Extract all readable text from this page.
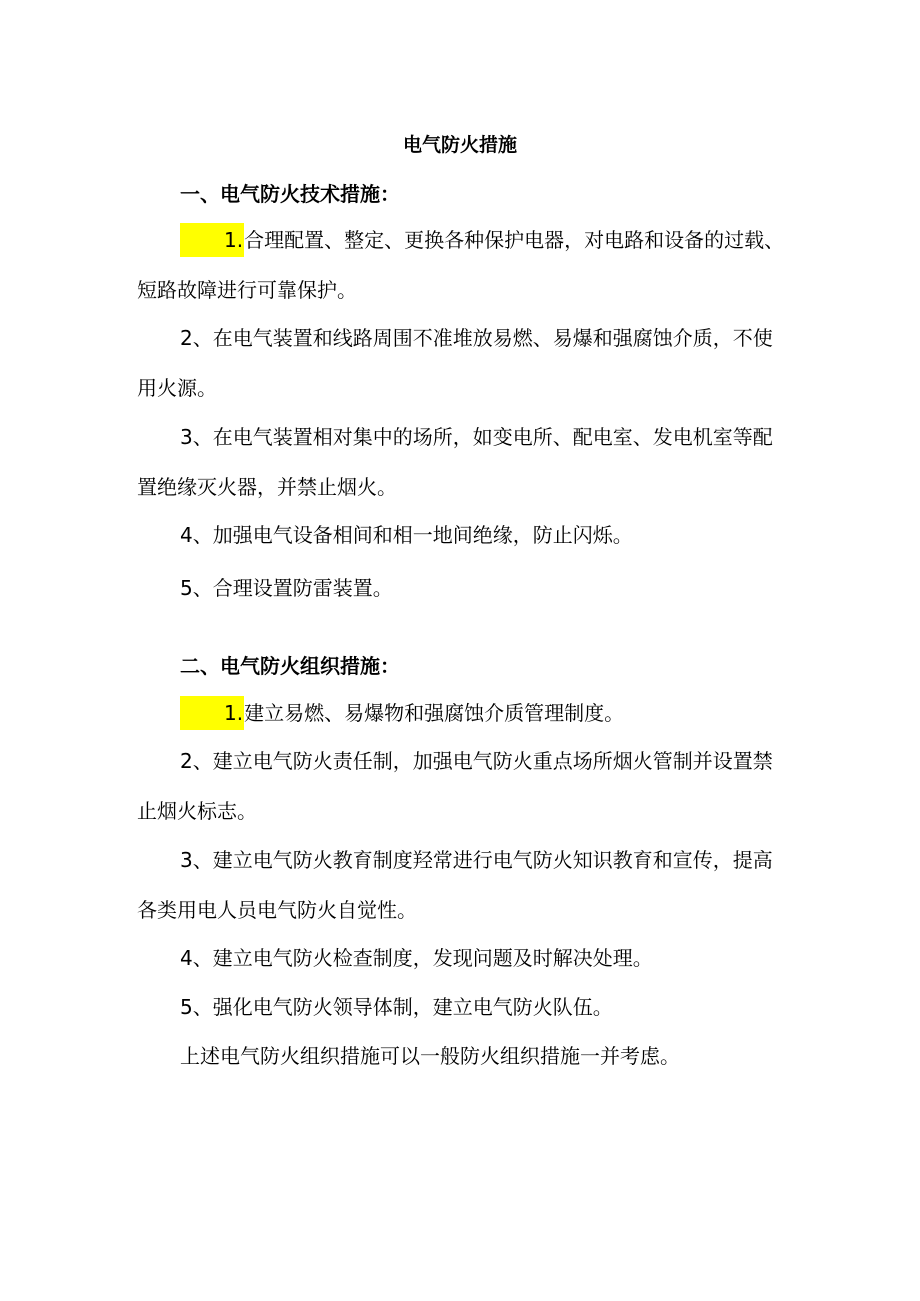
电气防火措施
一、电气防火技术措施：

1.合理配置、整定、更换各种保护电器，对电路和设备的过载、短路故障进行可靠保护。

2、在电气装置和线路周围不准堆放易燃、易爆和强腐蚀介质，不使用火源。

3、在电气装置相对集中的场所，如变电所、配电室、发电机室等配置绝缘灭火器，并禁止烟火。

4、加强电气设备相间和相一地间绝缘，防止闪烁。

5、合理设置防雷装置。

二、电气防火组织措施：

1.建立易燃、易爆物和强腐蚀介质管理制度。

2、建立电气防火责任制，加强电气防火重点场所烟火管制并设置禁止烟火标志。

3、建立电气防火教育制度羟常进行电气防火知识教育和宣传，提高各类用电人员电气防火自觉性。

4、建立电气防火检查制度，发现问题及时解决处理。

5、强化电气防火领导体制，建立电气防火队伍。

上述电气防火组织措施可以一般防火组织措施一并考虑。
